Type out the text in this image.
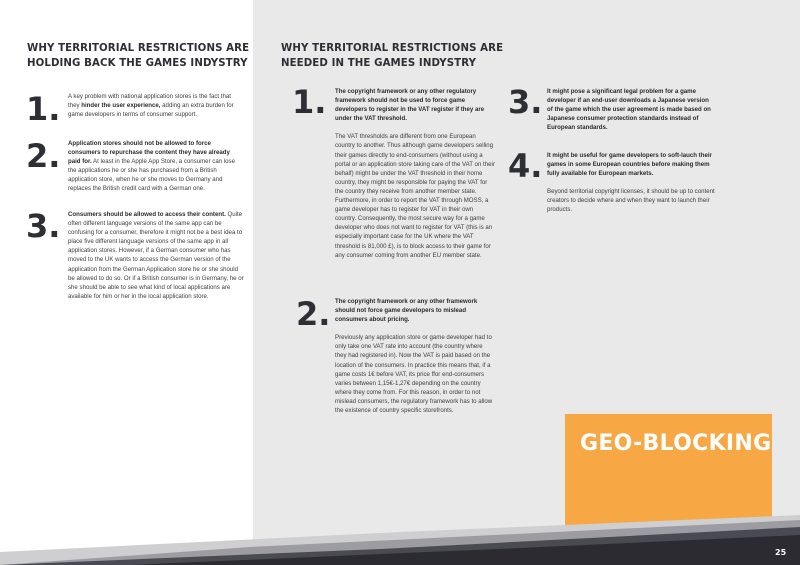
WHY TERRITORIAL RESTRICTIONS ARE
HOLDING BACK THE GAMES INDYSTRY
1. A key problem with national application stores is the fact that they hinder the user experience, adding an extra burden for game developers in terms of consumer support.
2. Application stores should not be allowed to force consumers to repurchase the content they have already paid for. At least in the Apple App Store, a consumer can lose the applications he or she has purchased from a British application store, when he or she moves to Germany and replaces the British credit card with a German one.
3. Consumers should be allowed to access their content. Quite often different language versions of the same app can be confusing for a consumer, therefore it might not be a best idea to place five different language versions of the same app in all application stores. However, if a German consumer who has moved to the UK wants to access the German version of the application from the German Application store he or she should be allowed to do so. Or if a British consumer is in Germany, he or she should be able to see what kind of local applications are available for him or her in the local application store.
WHY TERRITORIAL RESTRICTIONS ARE
NEEDED IN THE GAMES INDYSTRY
1. The copyright framework or any other regulatory framework should not be used to force game developers to register in the VAT register if they are under the VAT threshold.

The VAT thresholds are different from one European country to another. Thus although game developers selling their games directly to end-consumers (without using a portal or an application store taking care of the VAT on their behalf) might be under the VAT threshold in their home country, they might be responsible for paying the VAT for the country they receive from another member state. Furthermore, in order to report the VAT through MOSS, a game developer has to register for VAT in their own country. Consequently, the most secure way for a game developer who does not want to register for VAT (this is an especially important case for the UK where the VAT threshold is 81,000 £), is to block access to their game for any consumer coming from another EU member state.

2. The copyright framework or any other framework should not force game developers to mislead consumers about pricing.

Previously any application store or game developer had to only take one VAT rate into account (the country where they had registered in). Now the VAT is paid based on the location of the consumers. In practice this means that, if a game costs 1€ before VAT, its price ffor end-consumers varies between 1,15€-1,27€ depending on the country where they come from. For this reason, in order to not mislead consumers, the regulatory framework has to allow the existence of country specific storefronts.

3. It might pose a significant legal problem for a game developer if an end-user downloads a Japanese version of the game which the user agreement is made based on Japanese consumer protection standards instead of European standards.

4. It might be useful for game developers to soft-lauch their games in some European countries before making them fully available for European markets.

Beyond territorial copyright licenses, it should be up to content creators to decide where and when they want to launch their products.

GEO-BLOCKING
25
